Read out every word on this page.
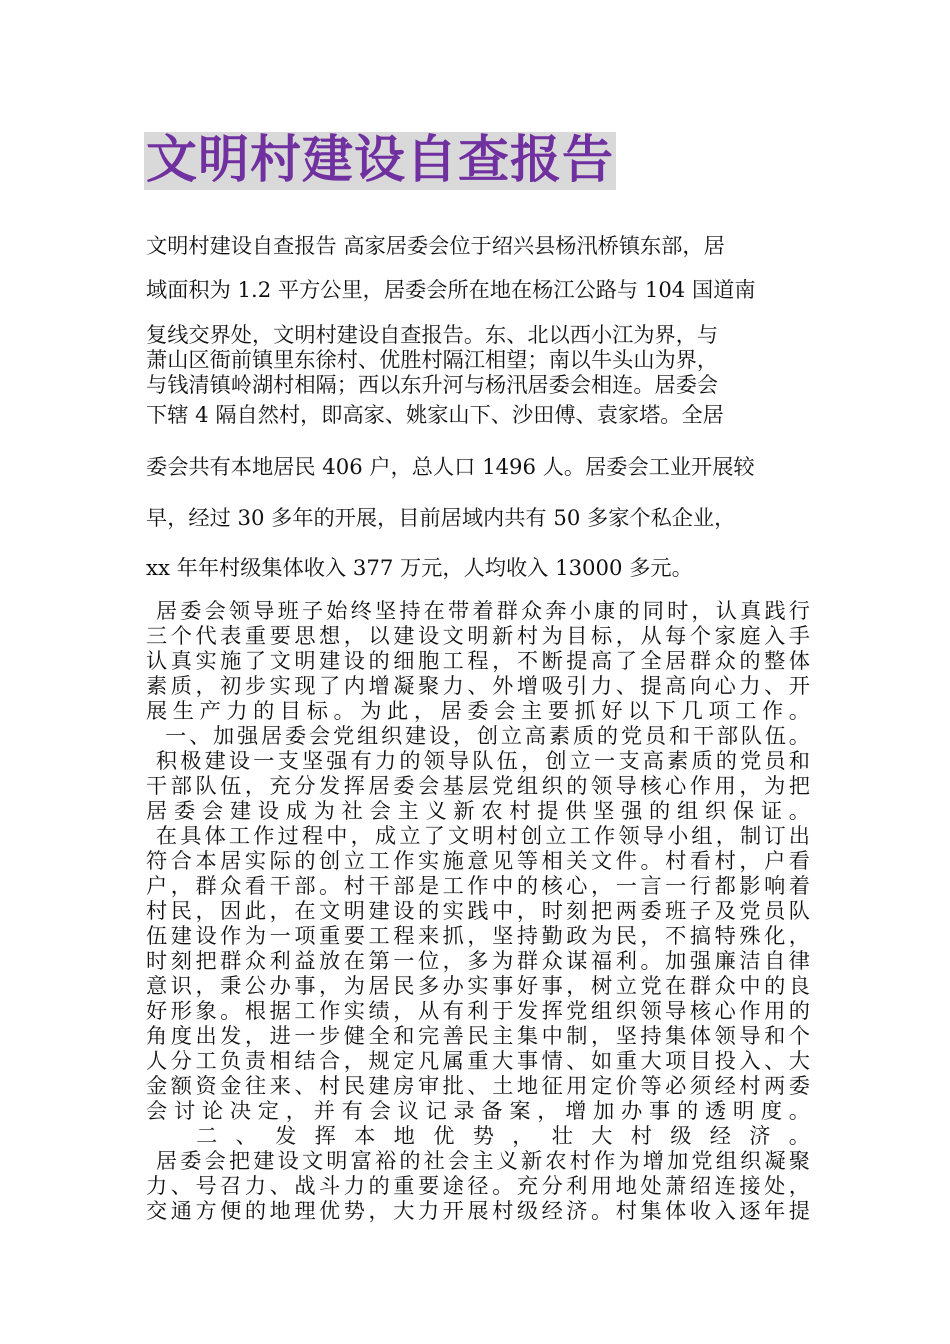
文明村建设自查报告
文明村建设自查报告 高家居委会位于绍兴县杨汛桥镇东部，居
域面积为 1.2 平方公里，居委会所在地在杨江公路与 104 国道南
复线交界处，文明村建设自查报告。东、北以西小江为界，与
萧山区衙前镇里东徐村、优胜村隔江相望；南以牛头山为界，
与钱清镇岭湖村相隔；西以东升河与杨汛居委会相连。居委会
下辖 4 隔自然村，即高家、姚家山下、沙田傅、袁家塔。全居
委会共有本地居民 406 户，总人口 1496 人。居委会工业开展较
早，经过 30 多年的开展，目前居域内共有 50 多家个私企业，
xx 年年村级集体收入 377 万元，人均收入 13000 多元。
居委会领导班子始终坚持在带着群众奔小康的同时，认真践行
三个代表重要思想，以建设文明新村为目标，从每个家庭入手
认真实施了文明建设的细胞工程，不断提高了全居群众的整体
素质，初步实现了内增凝聚力、外增吸引力、提高向心力、开
展生产力的目标。为此，居委会主要抓好以下几项工作。
一、加强居委会党组织建设，创立高素质的党员和干部队伍。
积极建设一支坚强有力的领导队伍，创立一支高素质的党员和
干部队伍，充分发挥居委会基层党组织的领导核心作用，为把
居委会建设成为社会主义新农村提供坚强的组织保证。
在具体工作过程中，成立了文明村创立工作领导小组，制订出
符合本居实际的创立工作实施意见等相关文件。村看村，户看
户，群众看干部。村干部是工作中的核心，一言一行都影响着
村民，因此，在文明建设的实践中，时刻把两委班子及党员队
伍建设作为一项重要工程来抓，坚持勤政为民，不搞特殊化，
时刻把群众利益放在第一位，多为群众谋福利。加强廉洁自律
意识，秉公办事，为居民多办实事好事，树立党在群众中的良
好形象。根据工作实绩，从有利于发挥党组织领导核心作用的
角度出发，进一步健全和完善民主集中制，坚持集体领导和个
人分工负责相结合，规定凡属重大事情、如重大项目投入、大
金额资金往来、村民建房审批、土地征用定价等必须经村两委
会讨论决定，并有会议记录备案，增加办事的透明度。
二、发挥本地优势，壮大村级经济。
居委会把建设文明富裕的社会主义新农村作为增加党组织凝聚
力、号召力、战斗力的重要途径。充分利用地处萧绍连接处，
交通方便的地理优势，大力开展村级经济。村集体收入逐年提
